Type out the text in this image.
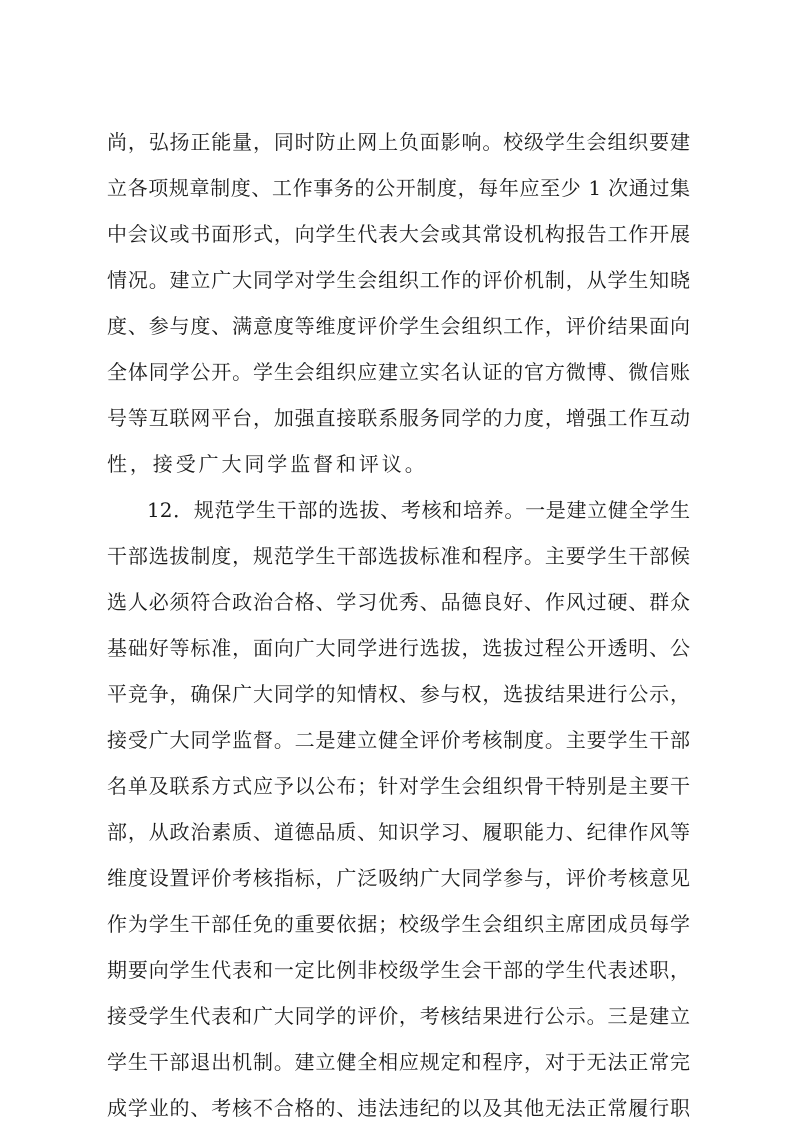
尚，弘扬正能量，同时防止网上负面影响。校级学生会组织要建
立各项规章制度、工作事务的公开制度，每年应至少 1 次通过集
中会议或书面形式，向学生代表大会或其常设机构报告工作开展
情况。建立广大同学对学生会组织工作的评价机制，从学生知晓
度、参与度、满意度等维度评价学生会组织工作，评价结果面向
全体同学公开。学生会组织应建立实名认证的官方微博、微信账
号等互联网平台，加强直接联系服务同学的力度，增强工作互动
性，接受广大同学监督和评议。
12．规范学生干部的选拔、考核和培养。一是建立健全学生
干部选拔制度，规范学生干部选拔标准和程序。主要学生干部候
选人必须符合政治合格、学习优秀、品德良好、作风过硬、群众
基础好等标准，面向广大同学进行选拔，选拔过程公开透明、公
平竞争，确保广大同学的知情权、参与权，选拔结果进行公示，
接受广大同学监督。二是建立健全评价考核制度。主要学生干部
名单及联系方式应予以公布；针对学生会组织骨干特别是主要干
部，从政治素质、道德品质、知识学习、履职能力、纪律作风等
维度设置评价考核指标，广泛吸纳广大同学参与，评价考核意见
作为学生干部任免的重要依据；校级学生会组织主席团成员每学
期要向学生代表和一定比例非校级学生会干部的学生代表述职，
接受学生代表和广大同学的评价，考核结果进行公示。三是建立
学生干部退出机制。建立健全相应规定和程序，对于无法正常完
成学业的、考核不合格的、违法违纪的以及其他无法正常履行职
